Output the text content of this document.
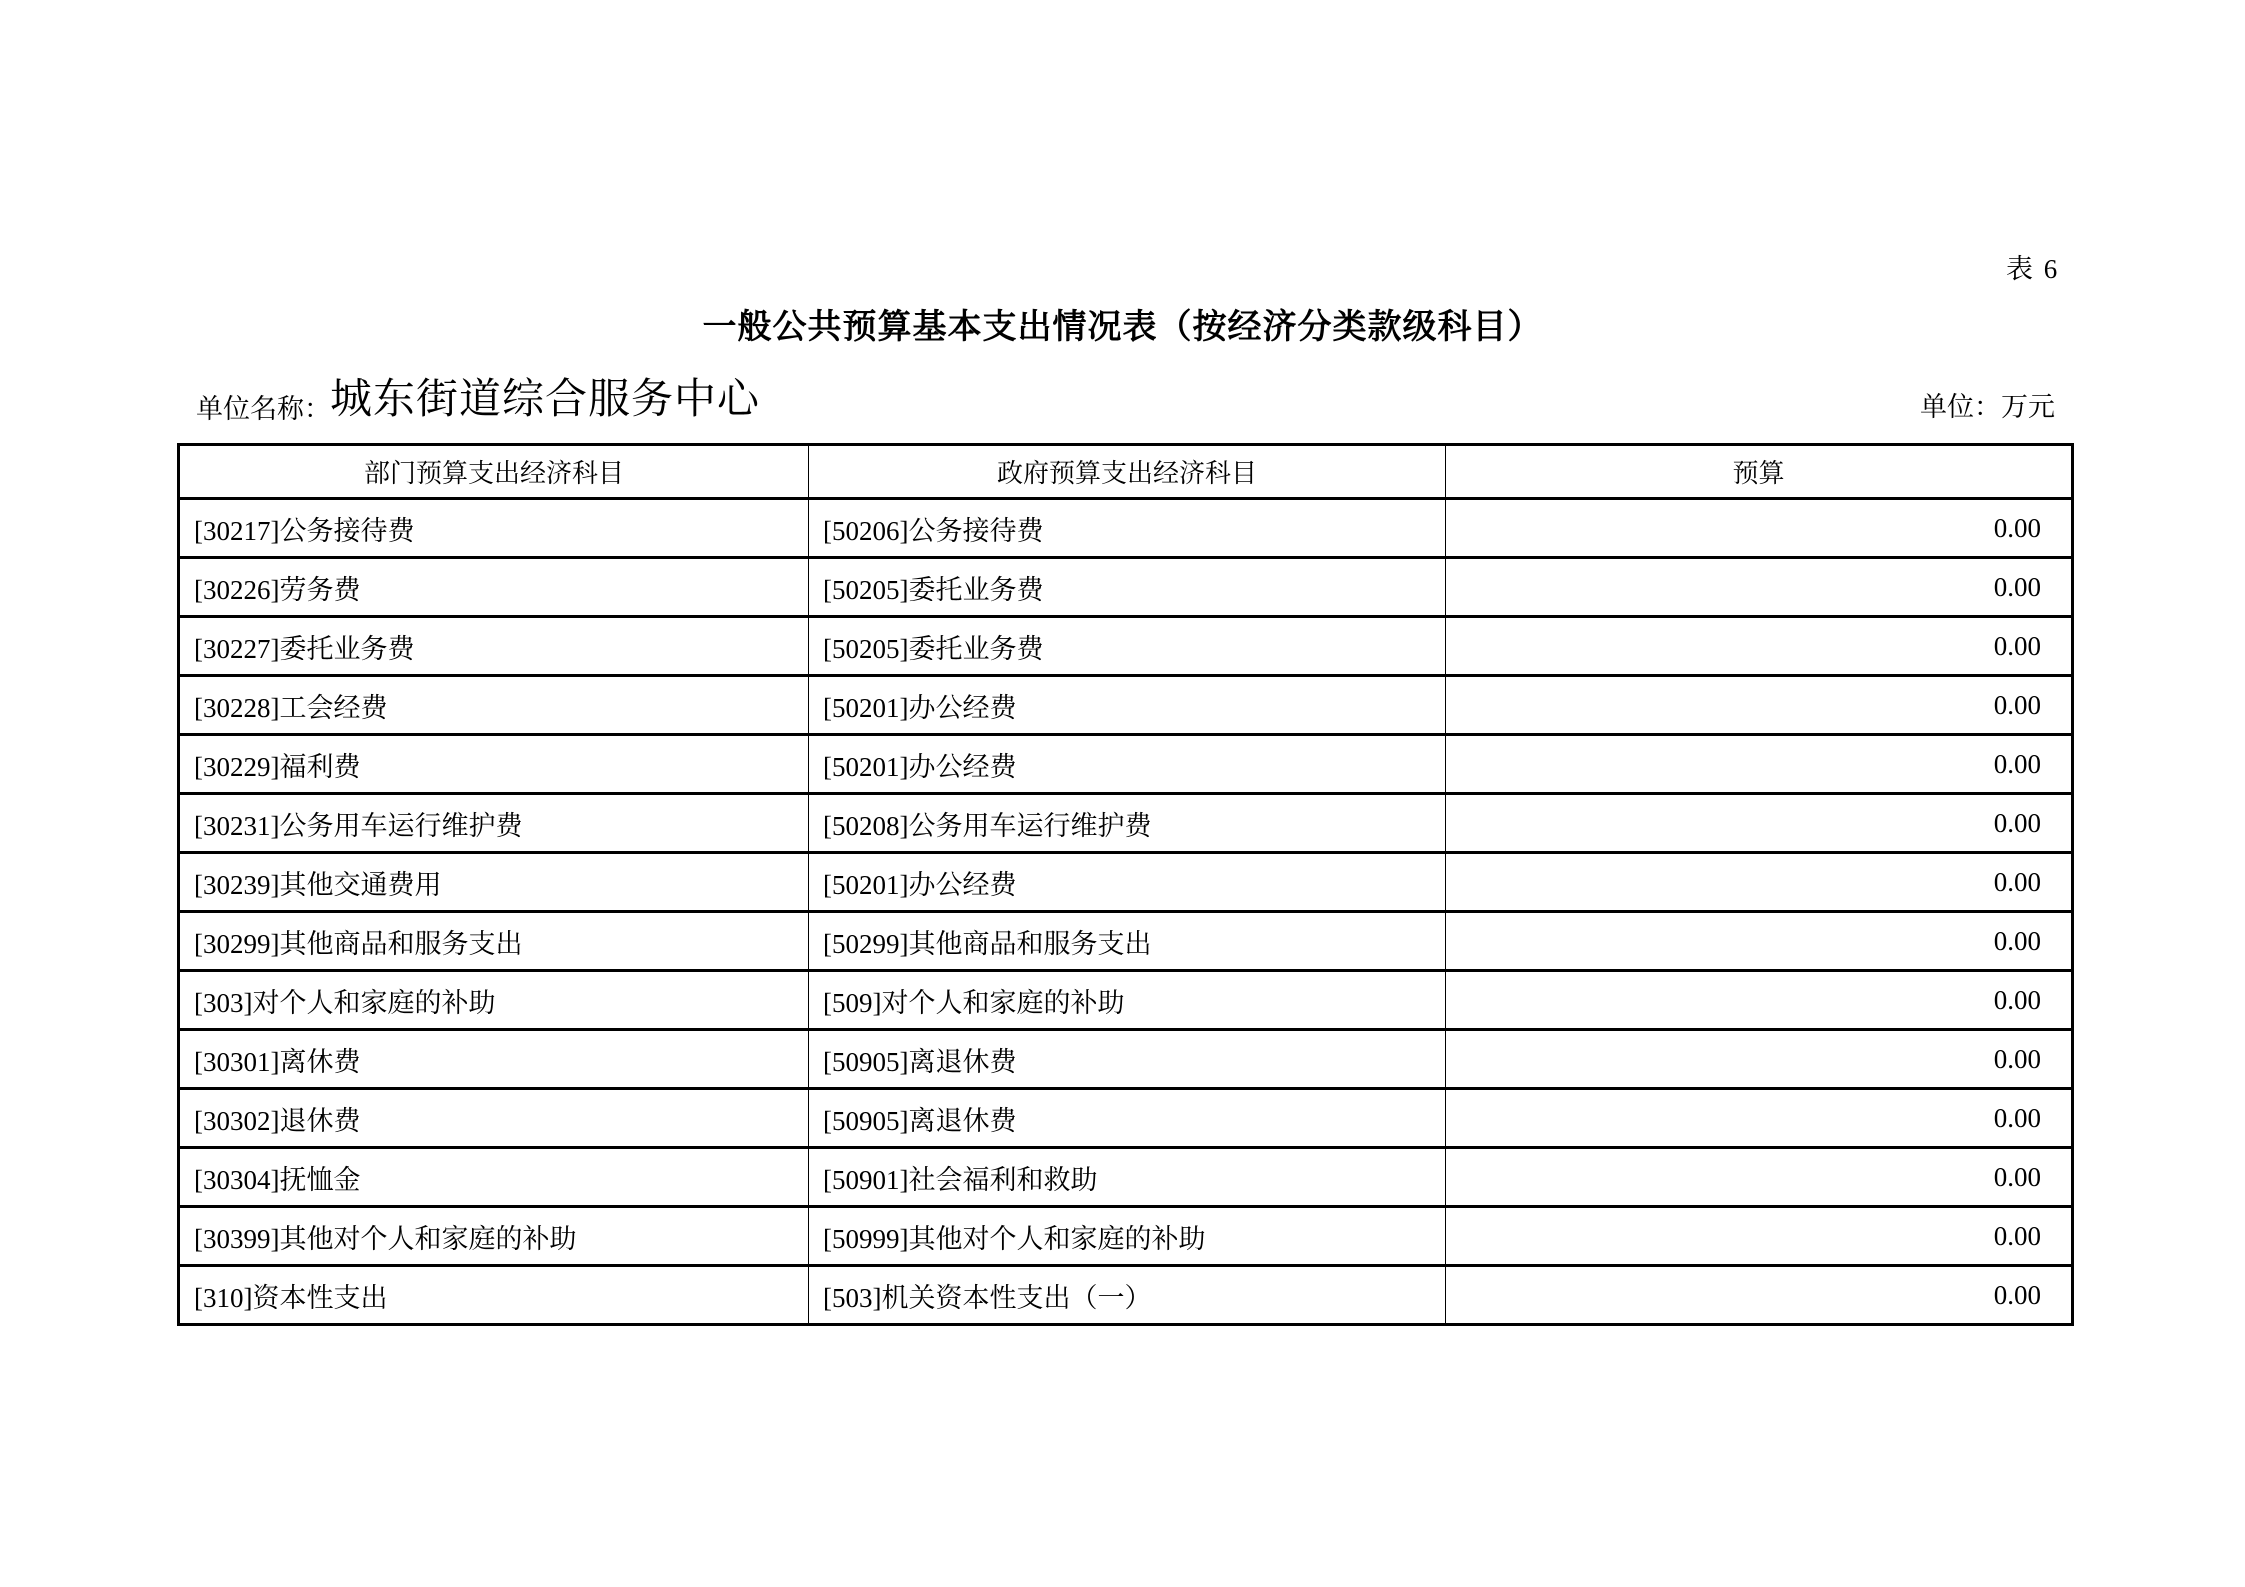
表 6
一般公共预算基本支出情况表（按经济分类款级科目）
单位名称： 城东街道综合服务中心	单位：万元
部门预算支出经济科目	政府预算支出经济科目	预算
[30217]公务接待费	[50206]公务接待费	0.00
[30226]劳务费	[50205]委托业务费	0.00
[30227]委托业务费	[50205]委托业务费	0.00
[30228]工会经费	[50201]办公经费	0.00
[30229]福利费	[50201]办公经费	0.00
[30231]公务用车运行维护费	[50208]公务用车运行维护费	0.00
[30239]其他交通费用	[50201]办公经费	0.00
[30299]其他商品和服务支出	[50299]其他商品和服务支出	0.00
[303]对个人和家庭的补助	[509]对个人和家庭的补助	0.00
[30301]离休费	[50905]离退休费	0.00
[30302]退休费	[50905]离退休费	0.00
[30304]抚恤金	[50901]社会福利和救助	0.00
[30399]其他对个人和家庭的补助	[50999]其他对个人和家庭的补助	0.00
[310]资本性支出	[503]机关资本性支出（一）	0.00
